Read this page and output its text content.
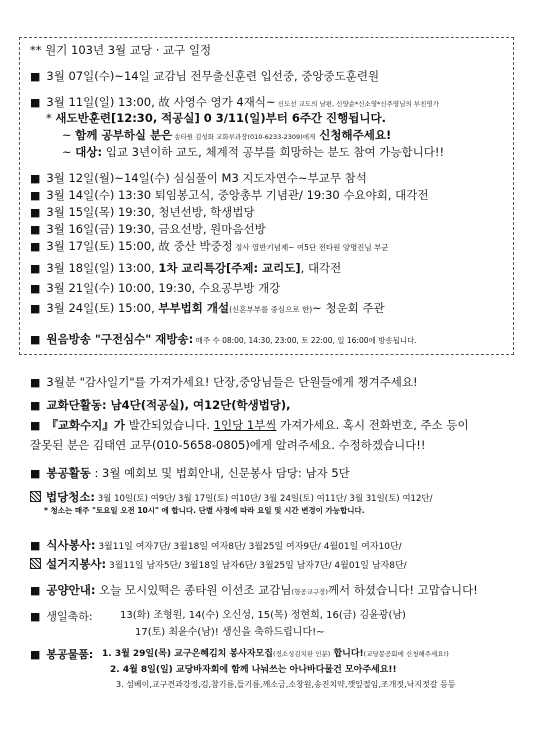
** 원기 103년 3월 교당 · 교구 일정
■ 3월 07일(수)~14일 교감님 전무출신훈련 입선중, 중앙중도훈련원
■ 3월 11일(일) 13:00, 故 사영수 영가 4재식~ 신도선 교도의 남편, 신양순*신소영*신주영님의 부친영가
* 새도반훈련[12:30, 적공실] 0 3/11(일)부터 6주간 진행됩니다.
~ 함께 공부하실 분은 송타원 김성화 교화부과장(010-6233-2309)에게 신청해주세요!
~ 대상: 입교 3년이하 교도, 체계적 공부를 희망하는 분도 참여 가능합니다!!
■ 3월 12일(월)~14일(수) 심심풀이 M3 지도자연수~부교무 참석
■ 3월 14일(수) 13:30 퇴임봉고식, 중앙총부 기념관/ 19:30 수요야회, 대각전
■ 3월 15일(목) 19:30, 청년선방, 학생법당
■ 3월 16일(금) 19:30, 금요선방, 원마음선방
■ 3월 17일(토) 15:00, 故 중산 박중정 정사 열반기념제~ 여5단 전타원 양명진님 부군
■ 3월 18일(일) 13:00, 1차 교리특강[주제: 교리도], 대각전
■ 3월 21일(수) 10:00, 19:30, 수요공부방 개강
■ 3월 24일(토) 15:00, 부부법회 개설(신혼부부를 중심으로 한)~ 청운회 주관
■ 원음방송 "구전심수" 재방송: 매주 수 08:00, 14:30, 23:00, 토 22:00, 일 16:00에 방송됩니다.
■ 3월분 "감사일기"를 가져가세요! 단장,중앙님들은 단원들에게 챙겨주세요!
■ 교화단활동: 남4단(적공실), 여12단(학생법당),
■ 『교화수지』가 발간되었습니다. 1인당 1부씩 가져가세요. 혹시 전화번호, 주소 등이
잘못된 분은 김태연 교무(010-5658-0805)에게 알려주세요. 수정하겠습니다!!
■ 봉공활동 : 3월 예회보 및 법회안내, 신문봉사 담당: 남자 5단
법당청소: 3월 10일(토) 여9단/ 3월 17일(토) 여10단/ 3월 24일(토) 여11단/ 3월 31일(토) 여12단/
* 청소는 매주 "토요일 오전 10시" 에 합니다. 단별 사정에 따라 요일 및 시간 변경이 가능합니다.
■ 식사봉사: 3월11일 여자7단/ 3월18일 여자8단/ 3월25일 여자9단/ 4월01일 여자10단/
설거지봉사: 3월11일 남자5단/ 3월18일 남자6단/ 3월25일 남자7단/ 4월01일 남자8단/
■ 공양안내: 오늘 모시있떡은 종타원 이선조 교감님(형공교구장)께서 하셨습니다! 고맙습니다!
■ 생일축하:	13(화) 조형원, 14(수) 오신성, 15(목) 정현희, 16(금) 김윤광(남)
17(토) 최윤수(남)! 생신을 축하드립니다!~
■ 봉공물품: 1. 3월 29일(목) 교구은혜김치 봉사자모집(정소성김치판 인분) 합니다!(교당봉공회에 신청해주세요!)
2. 4월 8일(일) 교당바자회에 함께 나눠쓰는 아나바다물건 모아주세요!!
3. 섬베이,교구견과강정,김,참기름,들기름,깨소금,소창원,송진치약,깻잎절임,조개젓,낙지젓갈 등등
